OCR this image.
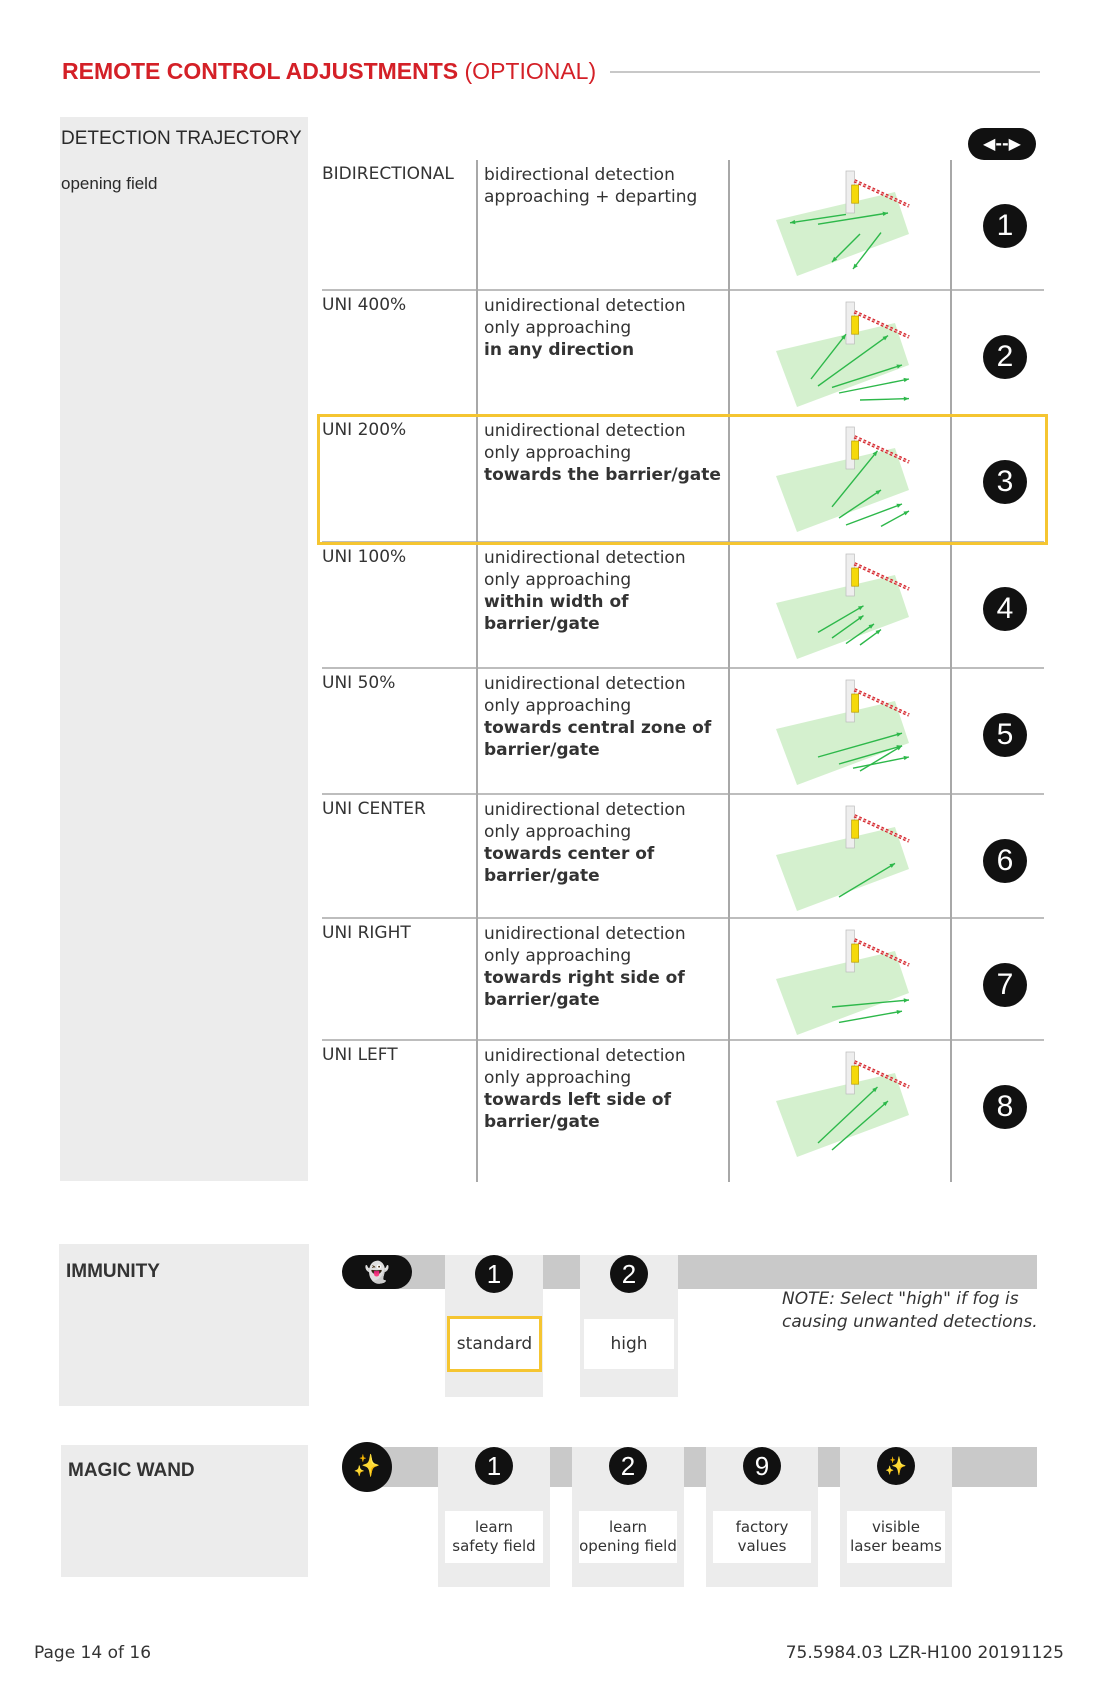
REMOTE CONTROL ADJUSTMENTS (OPTIONAL)
DETECTION TRAJECTORY
opening field
◀--▶
BIDIRECTIONAL bidirectional detection
approaching + departing
1
UNI 400%	unidirectional detection
only approaching
in any direction	2
UNI 200%	unidirectional detection
only approaching
towards the barrier/gate	3
UNI 100%	unidirectional detection
only approaching
within width of barrier/gate	4
UNI 50%	unidirectional detection
only approaching
towards central zone of barrier/gate	5
UNI CENTER	unidirectional detection
only approaching
towards center of barrier/gate	6
UNI RIGHT	unidirectional detection
only approaching
towards right side of barrier/gate	7
UNI LEFT	unidirectional detection
only approaching
towards left side of barrier/gate	8
IMMUNITY	👻	1
standard
2
high
NOTE: Select "high" if fog is causing unwanted detections.
MAGIC WAND	✨	1
learn
safety field
2
learn
opening field
9
factory
values
✨
visible
laser beams
Page 14 of 16	75.5984.03 LZR-H100 20191125
